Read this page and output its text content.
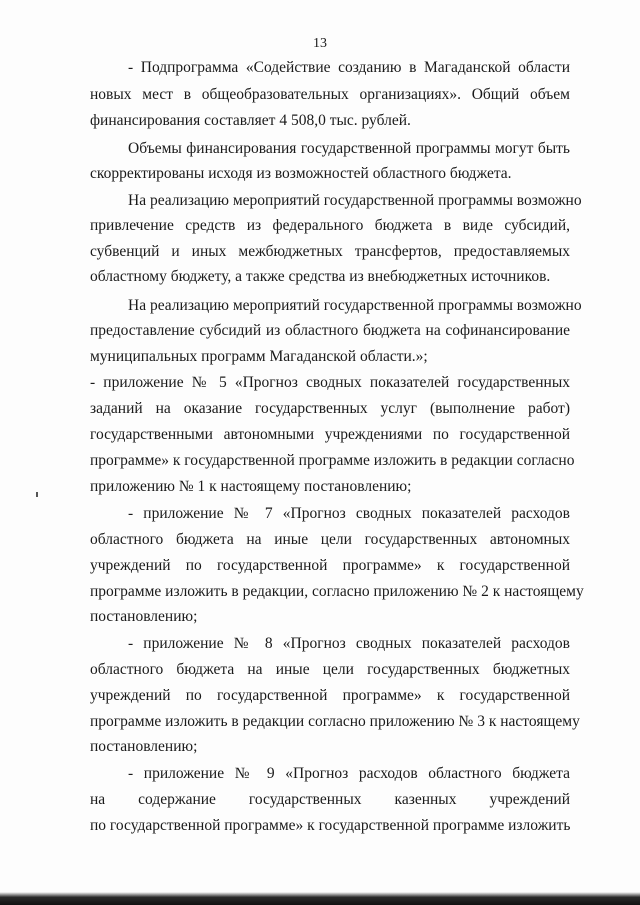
13
- Подпрограмма «Содействие созданию в Магаданской области
новых мест в общеобразовательных организациях». Общий объем
финансирования составляет 4 508,0 тыс. рублей.
Объемы финансирования государственной программы могут быть
скорректированы исходя из возможностей областного бюджета.
На реализацию мероприятий государственной программы возможно
привлечение средств из федерального бюджета в виде субсидий,
субвенций и иных межбюджетных трансфертов, предоставляемых
областному бюджету, а также средства из внебюджетных источников.
На реализацию мероприятий государственной программы возможно
предоставление субсидий из областного бюджета на софинансирование
муниципальных программ Магаданской области.»;
- приложение № 5 «Прогноз сводных показателей государственных
заданий на оказание государственных услуг (выполнение работ)
государственными автономными учреждениями по государственной
программе» к государственной программе изложить в редакции согласно
приложению № 1 к настоящему постановлению;
- приложение № 7 «Прогноз сводных показателей расходов
областного бюджета на иные цели государственных автономных
учреждений по государственной программе» к государственной
программе изложить в редакции, согласно приложению № 2 к настоящему
постановлению;
- приложение № 8 «Прогноз сводных показателей расходов
областного бюджета на иные цели государственных бюджетных
учреждений по государственной программе» к государственной
программе изложить в редакции согласно приложению № 3 к настоящему
постановлению;
- приложение № 9 «Прогноз расходов областного бюджета
на содержание государственных казенных учреждений
по государственной программе» к государственной программе изложить
